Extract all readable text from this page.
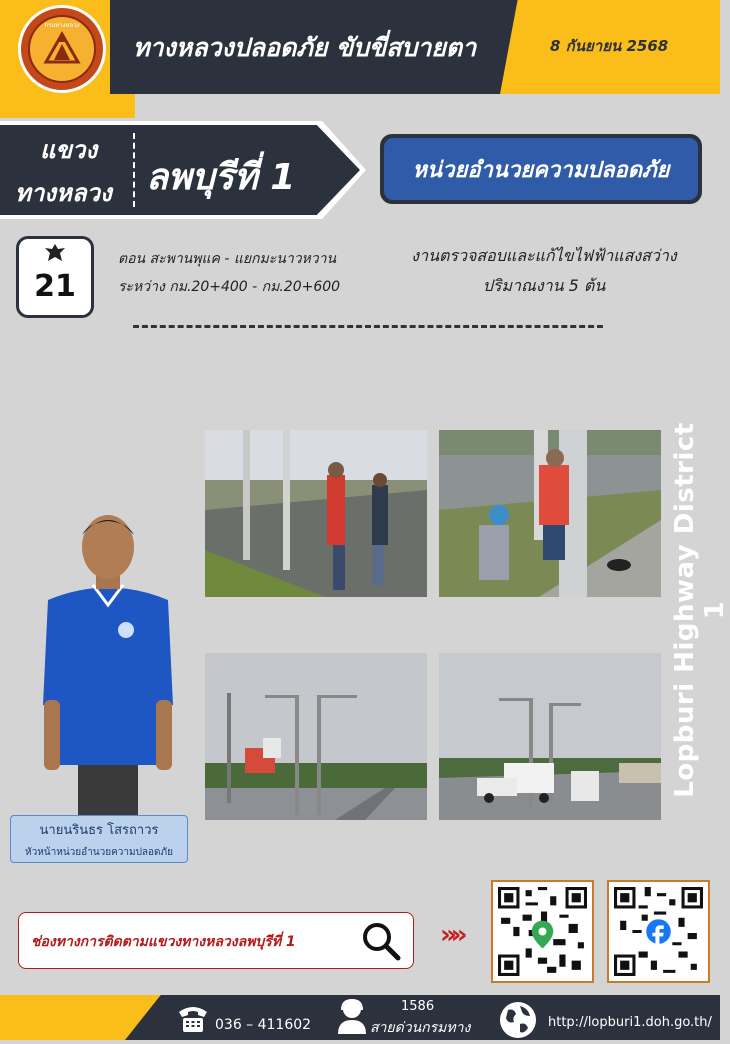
กรมทางหลวง
ทางหลวงปลอดภัย ขับขี่สบายตา	8 กันยายน 2568
แขวง
ทางหลวง ลพบุรีที่ 1	หน่วยอำนวยความปลอดภัย
21
ตอน สะพานพุแค - แยกมะนาวหวาน
ระหว่าง กม.20+400 - กม.20+600
งานตรวจสอบและแก้ไขไฟฟ้าแสงสว่าง
ปริมาณงาน 5 ต้น
Lopburi Highway District 1
นายนรินธร โสรถาวร
หัวหน้าหน่วยอำนวยความปลอดภัย
ช่องทางการติดตามแขวงทางหลวงลพบุรีที่ 1	»»
036 – 411602
1586
สายด่วนกรมทาง	http://lopburi1.doh.go.th/
